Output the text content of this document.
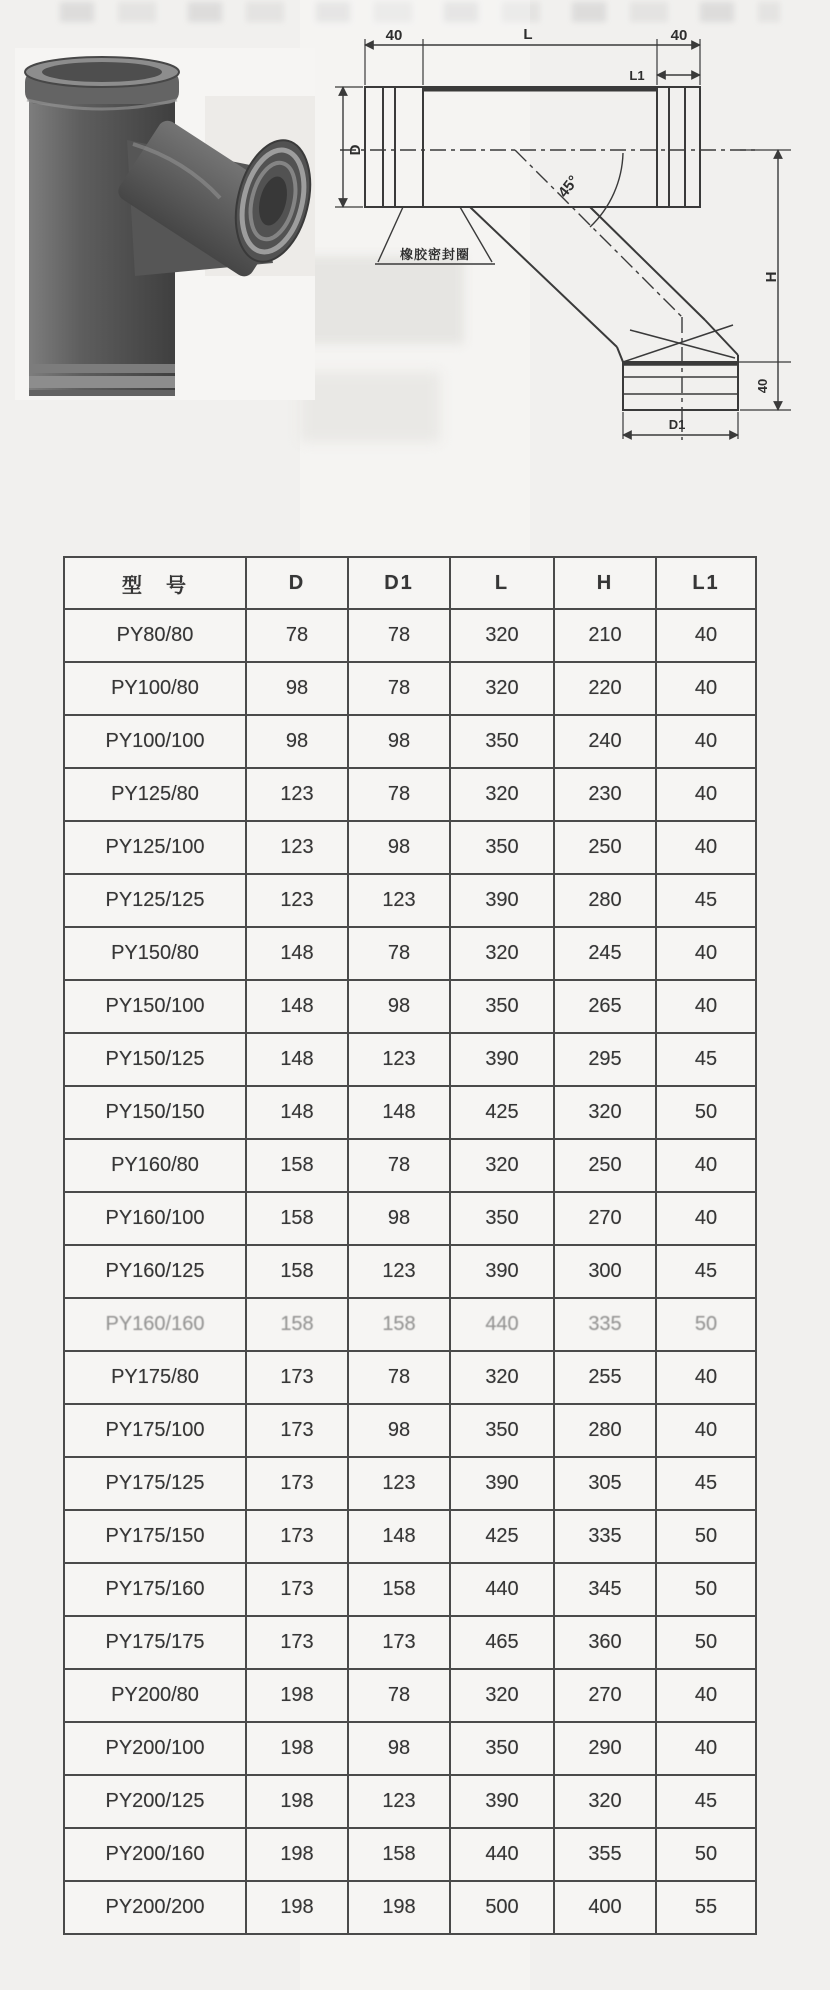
40	L	40
L1
D
45°
H
40
D1
橡胶密封圈
型　号	D	D1	L	H	L1
PY80/80	78	78	320	210	40
PY100/80	98	78	320	220	40
PY100/100	98	98	350	240	40
PY125/80	123	78	320	230	40
PY125/100	123	98	350	250	40
PY125/125	123	123	390	280	45
PY150/80	148	78	320	245	40
PY150/100	148	98	350	265	40
PY150/125	148	123	390	295	45
PY150/150	148	148	425	320	50
PY160/80	158	78	320	250	40
PY160/100	158	98	350	270	40
PY160/125	158	123	390	300	45
PY160/160	158	158	440	335	50
PY175/80	173	78	320	255	40
PY175/100	173	98	350	280	40
PY175/125	173	123	390	305	45
PY175/150	173	148	425	335	50
PY175/160	173	158	440	345	50
PY175/175	173	173	465	360	50
PY200/80	198	78	320	270	40
PY200/100	198	98	350	290	40
PY200/125	198	123	390	320	45
PY200/160	198	158	440	355	50
PY200/200	198	198	500	400	55
